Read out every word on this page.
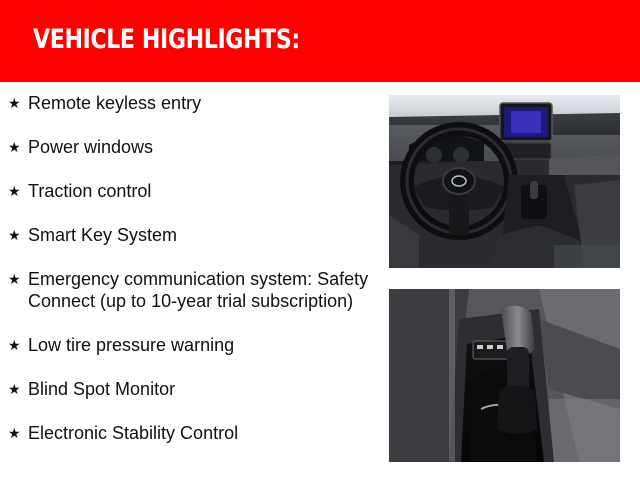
VEHICLE HIGHLIGHTS:
★ Remote keyless entry
★ Power windows
★ Traction control
★ Smart Key System
★ Emergency communication system: Safety Connect (up to 10-year trial subscription)
★ Low tire pressure warning
★ Blind Spot Monitor
★ Electronic Stability Control
